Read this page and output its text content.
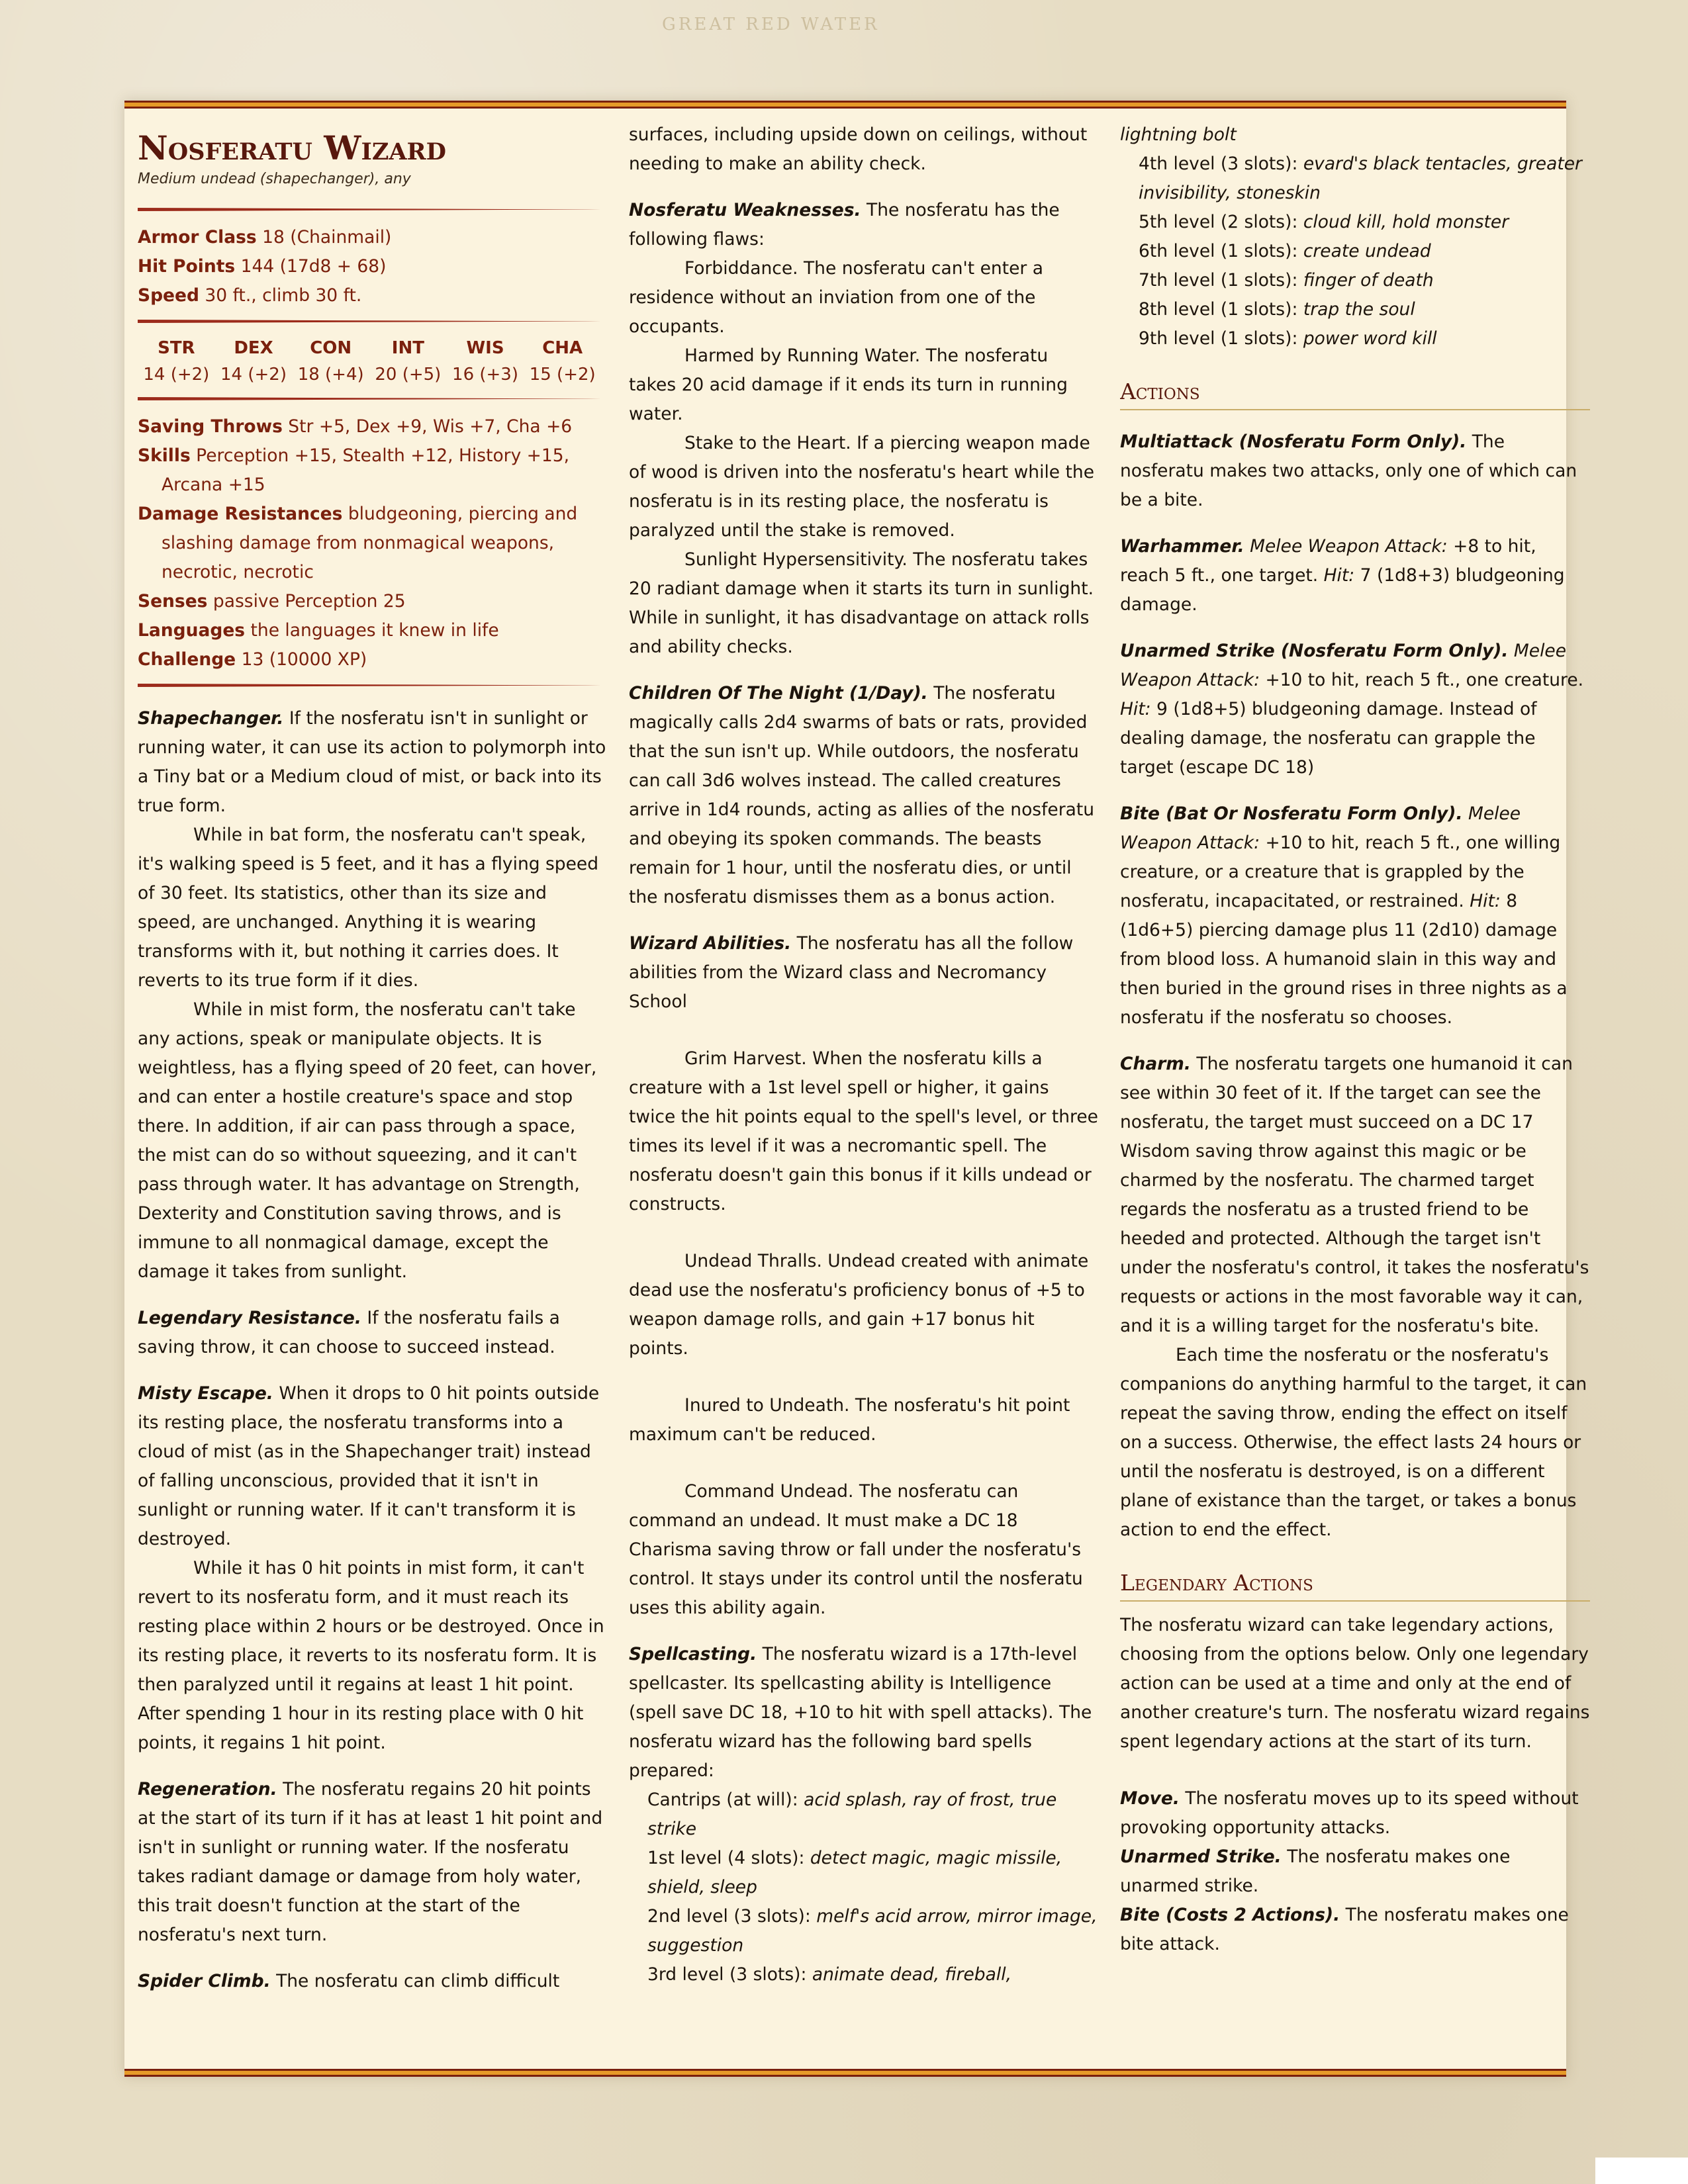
GREAT RED WATER
Nosferatu Wizard
Medium undead (shapechanger), any

Armor Class 18 (Chainmail)

Hit Points 144 (17d8 + 68)

Speed 30 ft., climb 30 ft.

STR
14 (+2)
DEX
14 (+2)
CON
18 (+4)
INT
20 (+5)
WIS
16 (+3)
CHA
15 (+2)

Saving Throws Str +5, Dex +9, Wis +7, Cha +6

Skills Perception +15, Stealth +12, History +15, Arcana +15

Damage Resistances bludgeoning, piercing and slashing damage from nonmagical weapons, necrotic, necrotic

Senses passive Perception 25

Languages the languages it knew in life

Challenge 13 (10000 XP)

Shapechanger. If the nosferatu isn't in sunlight or running water, it can use its action to polymorph into a Tiny bat or a Medium cloud of mist, or back into its true form.

While in bat form, the nosferatu can't speak, it's walking speed is 5 feet, and it has a flying speed of 30 feet. Its statistics, other than its size and speed, are unchanged. Anything it is wearing transforms with it, but nothing it carries does. It reverts to its true form if it dies.

While in mist form, the nosferatu can't take any actions, speak or manipulate objects. It is weightless, has a flying speed of 20 feet, can hover, and can enter a hostile creature's space and stop there. In addition, if air can pass through a space, the mist can do so without squeezing, and it can't pass through water. It has advantage on Strength, Dexterity and Constitution saving throws, and is immune to all nonmagical damage, except the damage it takes from sunlight.

Legendary Resistance. If the nosferatu fails a saving throw, it can choose to succeed instead.

Misty Escape. When it drops to 0 hit points outside its resting place, the nosferatu transforms into a cloud of mist (as in the Shapechanger trait) instead of falling unconscious, provided that it isn't in sunlight or running water. If it can't transform it is destroyed.

While it has 0 hit points in mist form, it can't revert to its nosferatu form, and it must reach its resting place within 2 hours or be destroyed. Once in its resting place, it reverts to its nosferatu form. It is then paralyzed until it regains at least 1 hit point. After spending 1 hour in its resting place with 0 hit points, it regains 1 hit point.

Regeneration. The nosferatu regains 20 hit points at the start of its turn if it has at least 1 hit point and isn't in sunlight or running water. If the nosferatu takes radiant damage or damage from holy water, this trait doesn't function at the start of the nosferatu's next turn.

Spider Climb. The nosferatu can climb difficult

surfaces, including upside down on ceilings, without needing to make an ability check.

Nosferatu Weaknesses. The nosferatu has the following flaws:

Forbiddance. The nosferatu can't enter a residence without an inviation from one of the occupants.

Harmed by Running Water. The nosferatu takes 20 acid damage if it ends its turn in running water.

Stake to the Heart. If a piercing weapon made of wood is driven into the nosferatu's heart while the nosferatu is in its resting place, the nosferatu is paralyzed until the stake is removed.

Sunlight Hypersensitivity. The nosferatu takes 20 radiant damage when it starts its turn in sunlight. While in sunlight, it has disadvantage on attack rolls and ability checks.

Children Of The Night (1/Day). The nosferatu magically calls 2d4 swarms of bats or rats, provided that the sun isn't up. While outdoors, the nosferatu can call 3d6 wolves instead. The called creatures arrive in 1d4 rounds, acting as allies of the nosferatu and obeying its spoken commands. The beasts remain for 1 hour, until the nosferatu dies, or until the nosferatu dismisses them as a bonus action.

Wizard Abilities. The nosferatu has all the follow abilities from the Wizard class and Necromancy School

Grim Harvest. When the nosferatu kills a creature with a 1st level spell or higher, it gains twice the hit points equal to the spell's level, or three times its level if it was a necromantic spell. The nosferatu doesn't gain this bonus if it kills undead or constructs.

Undead Thralls. Undead created with animate dead use the nosferatu's proficiency bonus of +5 to weapon damage rolls, and gain +17 bonus hit points.

Inured to Undeath. The nosferatu's hit point maximum can't be reduced.

Command Undead. The nosferatu can command an undead. It must make a DC 18 Charisma saving throw or fall under the nosferatu's control. It stays under its control until the nosferatu uses this ability again.

Spellcasting. The nosferatu wizard is a 17th-level spellcaster. Its spellcasting ability is Intelligence (spell save DC 18, +10 to hit with spell attacks). The nosferatu wizard has the following bard spells prepared:

Cantrips (at will): acid splash, ray of frost, true strike

1st level (4 slots): detect magic, magic missile, shield, sleep

2nd level (3 slots): melf's acid arrow, mirror image, suggestion

3rd level (3 slots): animate dead, fireball,

lightning bolt

4th level (3 slots): evard's black tentacles, greater invisibility, stoneskin

5th level (2 slots): cloud kill, hold monster

6th level (1 slots): create undead

7th level (1 slots): finger of death

8th level (1 slots): trap the soul

9th level (1 slots): power word kill

Actions

Multiattack (Nosferatu Form Only). The nosferatu makes two attacks, only one of which can be a bite.

Warhammer. Melee Weapon Attack: +8 to hit, reach 5 ft., one target. Hit: 7 (1d8+3) bludgeoning damage.

Unarmed Strike (Nosferatu Form Only). Melee Weapon Attack: +10 to hit, reach 5 ft., one creature. Hit: 9 (1d8+5) bludgeoning damage. Instead of dealing damage, the nosferatu can grapple the target (escape DC 18)

Bite (Bat Or Nosferatu Form Only). Melee Weapon Attack: +10 to hit, reach 5 ft., one willing creature, or a creature that is grappled by the nosferatu, incapacitated, or restrained. Hit: 8 (1d6+5) piercing damage plus 11 (2d10) damage from blood loss. A humanoid slain in this way and then buried in the ground rises in three nights as a nosferatu if the nosferatu so chooses.

Charm. The nosferatu targets one humanoid it can see within 30 feet of it. If the target can see the nosferatu, the target must succeed on a DC 17 Wisdom saving throw against this magic or be charmed by the nosferatu. The charmed target regards the nosferatu as a trusted friend to be heeded and protected. Although the target isn't under the nosferatu's control, it takes the nosferatu's requests or actions in the most favorable way it can, and it is a willing target for the nosferatu's bite.

Each time the nosferatu or the nosferatu's companions do anything harmful to the target, it can repeat the saving throw, ending the effect on itself on a success. Otherwise, the effect lasts 24 hours or until the nosferatu is destroyed, is on a different plane of existance than the target, or takes a bonus action to end the effect.

Legendary Actions

The nosferatu wizard can take legendary actions, choosing from the options below. Only one legendary action can be used at a time and only at the end of another creature's turn. The nosferatu wizard regains spent legendary actions at the start of its turn.

Move. The nosferatu moves up to its speed without provoking opportunity attacks.

Unarmed Strike. The nosferatu makes one unarmed strike.

Bite (Costs 2 Actions). The nosferatu makes one bite attack.
